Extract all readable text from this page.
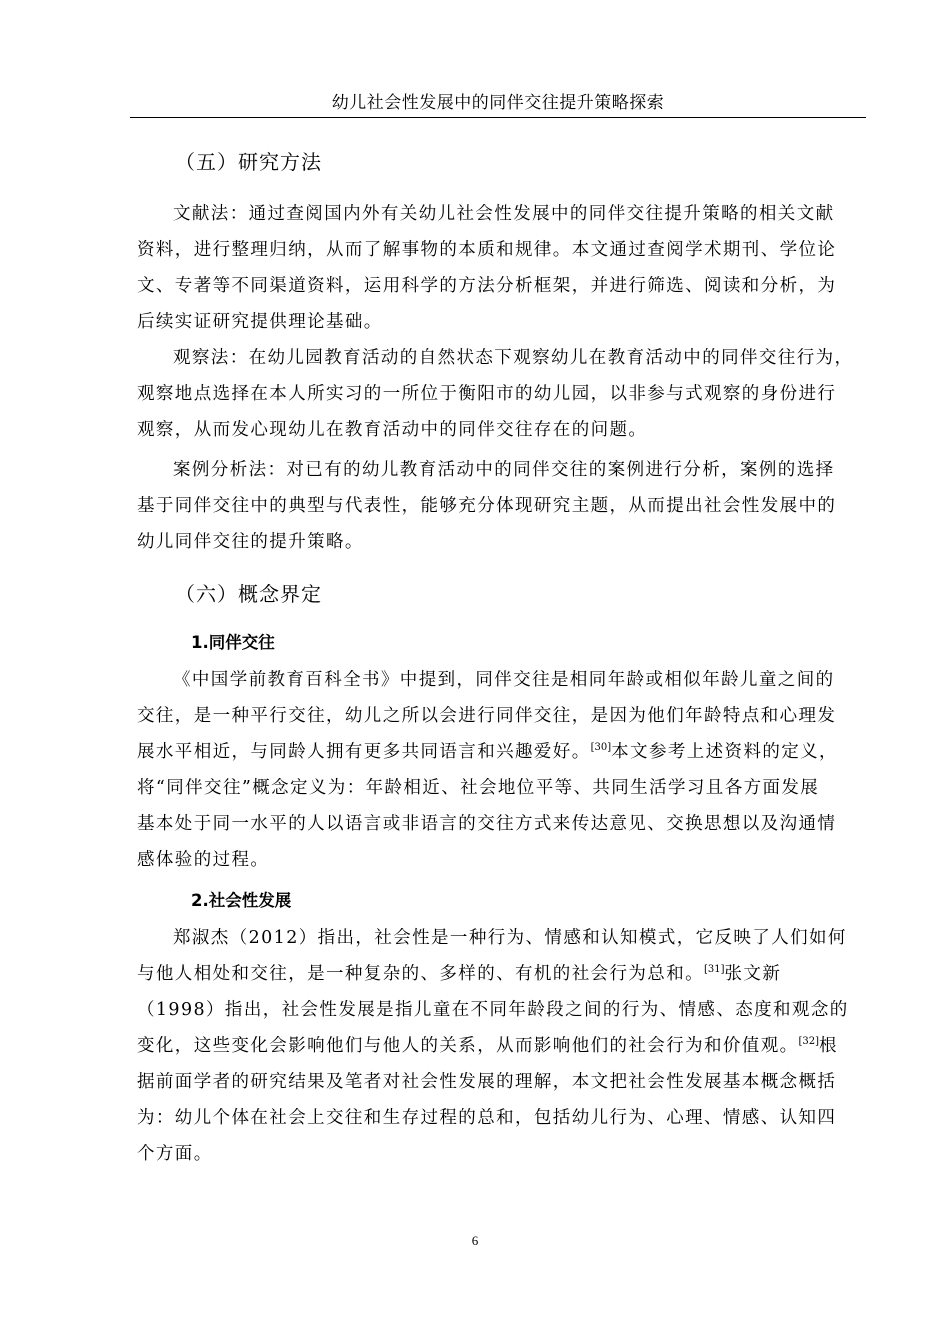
幼儿社会性发展中的同伴交往提升策略探索
（五）研究方法
文献法：通过查阅国内外有关幼儿社会性发展中的同伴交往提升策略的相关文献
资料，进行整理归纳，从而了解事物的本质和规律。本文通过查阅学术期刊、学位论
文、专著等不同渠道资料，运用科学的方法分析框架，并进行筛选、阅读和分析，为
后续实证研究提供理论基础。
观察法：在幼儿园教育活动的自然状态下观察幼儿在教育活动中的同伴交往行为，
观察地点选择在本人所实习的一所位于衡阳市的幼儿园，以非参与式观察的身份进行
观察，从而发心现幼儿在教育活动中的同伴交往存在的问题。
案例分析法：对已有的幼儿教育活动中的同伴交往的案例进行分析，案例的选择
基于同伴交往中的典型与代表性，能够充分体现研究主题，从而提出社会性发展中的
幼儿同伴交往的提升策略。
（六）概念界定
1.同伴交往
《中国学前教育百科全书》中提到，同伴交往是相同年龄或相似年龄儿童之间的
交往，是一种平行交往，幼儿之所以会进行同伴交往，是因为他们年龄特点和心理发
展水平相近，与同龄人拥有更多共同语言和兴趣爱好。[30]本文参考上述资料的定义，
将“同伴交往”概念定义为：年龄相近、社会地位平等、共同生活学习且各方面发展
基本处于同一水平的人以语言或非语言的交往方式来传达意见、交换思想以及沟通情
感体验的过程。
2.社会性发展
郑淑杰（2012）指出，社会性是一种行为、情感和认知模式，它反映了人们如何
与他人相处和交往，是一种复杂的、多样的、有机的社会行为总和。[31]张文新
（1998）指出，社会性发展是指儿童在不同年龄段之间的行为、情感、态度和观念的
变化，这些变化会影响他们与他人的关系，从而影响他们的社会行为和价值观。[32]根
据前面学者的研究结果及笔者对社会性发展的理解，本文把社会性发展基本概念概括
为：幼儿个体在社会上交往和生存过程的总和，包括幼儿行为、心理、情感、认知四
个方面。
6
